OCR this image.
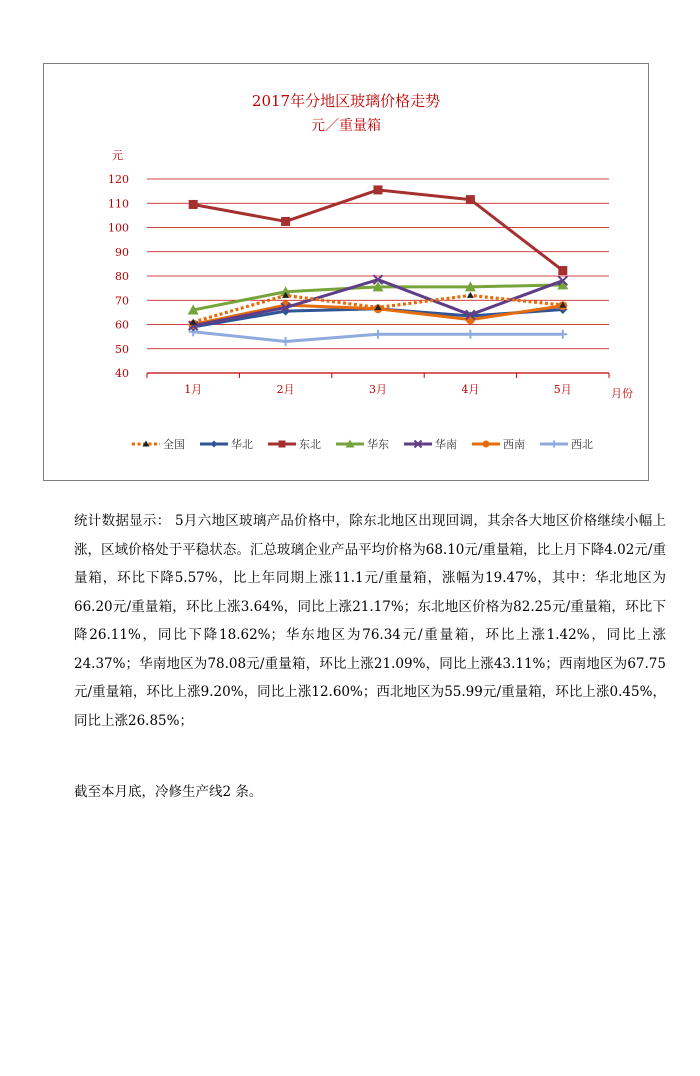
2017年分地区玻璃价格走势
元／重量箱
元
月份
40
50
60
70
80
90
100
110
120
1月	2月	3月	4月	5月
全国	华北	东北	华东	华南	西南	西北

统计数据显示： 5月六地区玻璃产品价格中，除东北地区出现回调，其余各大地区价格继续小幅上涨，区域价格处于平稳状态。汇总玻璃企业产品平均价格为68.10元/重量箱，比上月下降4.02元/重量箱，环比下降5.57%，比上年同期上涨11.1元/重量箱，涨幅为19.47%，其中：华北地区为66.20元/重量箱，环比上涨3.64%，同比上涨21.17%；东北地区价格为82.25元/重量箱，环比下降26.11%，同比下降18.62%；华东地区为76.34元/重量箱，环比上涨1.42%，同比上涨24.37%；华南地区为78.08元/重量箱，环比上涨21.09%，同比上涨43.11%；西南地区为67.75元/重量箱，环比上涨9.20%，同比上涨12.60%；西北地区为55.99元/重量箱，环比上涨0.45%，同比上涨26.85%；

截至本月底，冷修生产线2 条。
